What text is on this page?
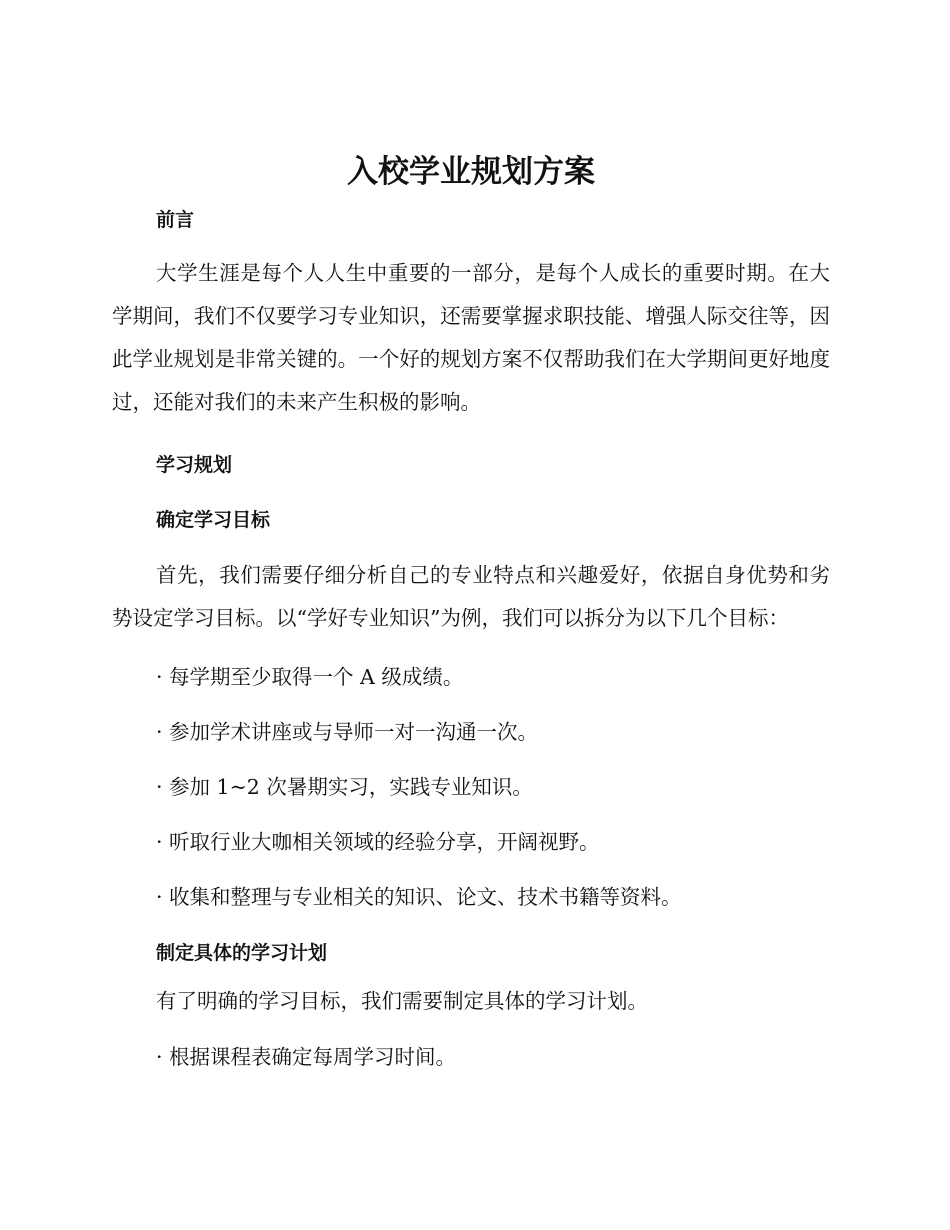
入校学业规划方案
前言

大学生涯是每个人人生中重要的一部分，是每个人成长的重要时期。在大学期间，我们不仅要学习专业知识，还需要掌握求职技能、增强人际交往等，因此学业规划是非常关键的。一个好的规划方案不仅帮助我们在大学期间更好地度过，还能对我们的未来产生积极的影响。

学习规划
确定学习目标

首先，我们需要仔细分析自己的专业特点和兴趣爱好，依据自身优势和劣势设定学习目标。以“学好专业知识”为例，我们可以拆分为以下几个目标：

· 每学期至少取得一个 A 级成绩。

· 参加学术讲座或与导师一对一沟通一次。

· 参加 1~2 次暑期实习，实践专业知识。

· 听取行业大咖相关领域的经验分享，开阔视野。

· 收集和整理与专业相关的知识、论文、技术书籍等资料。

制定具体的学习计划

有了明确的学习目标，我们需要制定具体的学习计划。

· 根据课程表确定每周学习时间。
